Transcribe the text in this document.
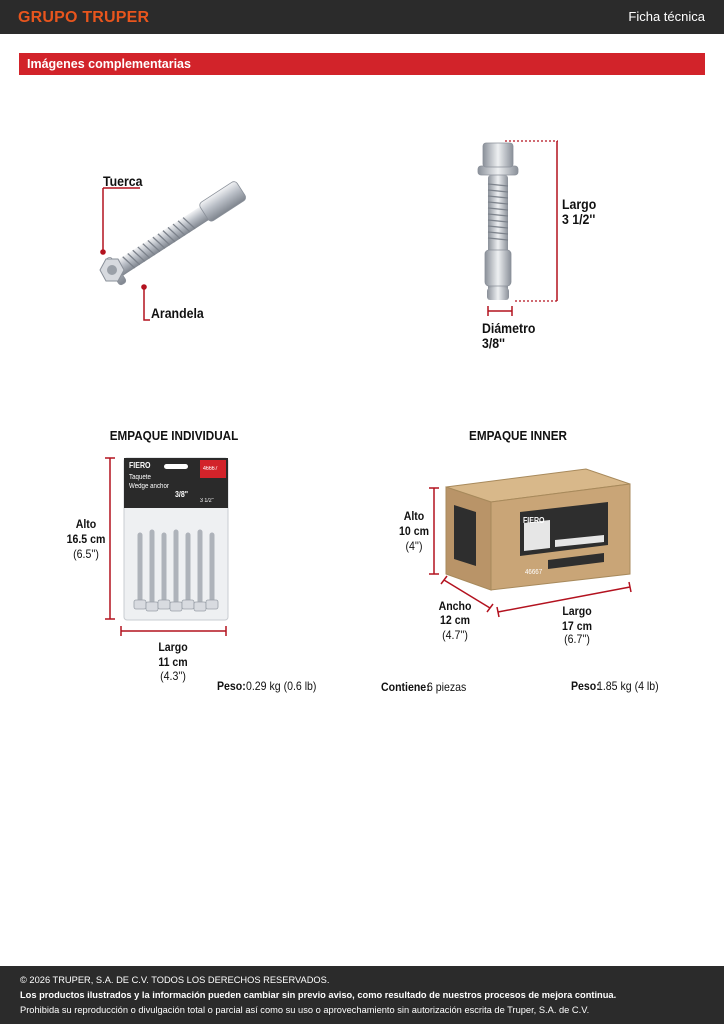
GRUPO TRUPER	Ficha técnica
Imágenes complementarias
Tuerca
Arandela
Largo
3 1/2''
Diámetro
3/8''
EMPAQUE INDIVIDUAL
FIERO	46667
Taquete
Wedge anchor
3/8"
3 1/2"
Alto
16.5 cm
(6.5'')
Largo
11 cm
(4.3'')
Peso: 0.29 kg (0.6 lb)
EMPAQUE INNER
FIERO
46667
Alto
10 cm
(4'')
Ancho
12 cm
(4.7'')
Largo
17 cm
(6.7'')
Contiene:
6 piezas	Peso:
1.85 kg (4 lb)
© 2026 TRUPER, S.A. DE C.V. TODOS LOS DERECHOS RESERVADOS.
Los productos ilustrados y la información pueden cambiar sin previo aviso, como resultado de nuestros procesos de mejora continua.
Prohibida su reproducción o divulgación total o parcial así como su uso o aprovechamiento sin autorización escrita de Truper, S.A. de C.V.
